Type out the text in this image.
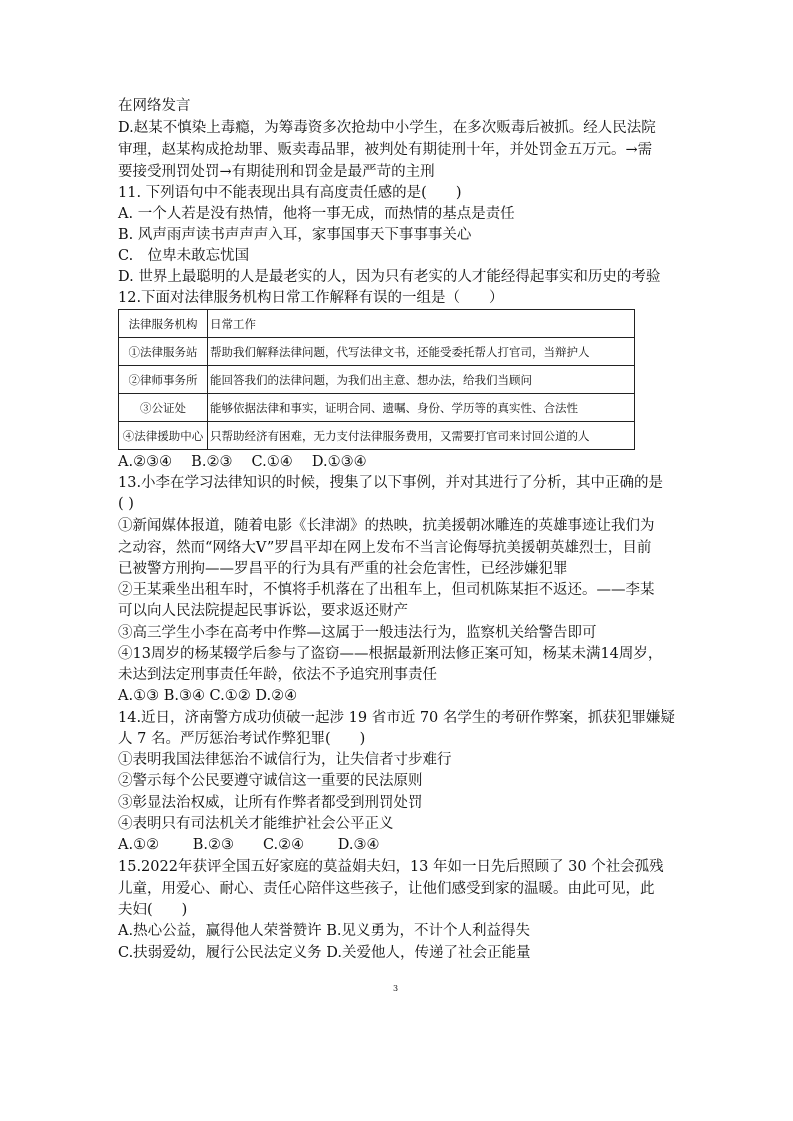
在网络发言
D.赵某不慎染上毒瘾，为筹毒资多次抢劫中小学生，在多次贩毒后被抓。经人民法院
审理，赵某构成抢劫罪、贩卖毒品罪，被判处有期徒刑十年，并处罚金五万元。→需
要接受刑罚处罚→有期徒刑和罚金是最严苛的主刑
11. 下列语句中不能表现出具有高度责任感的是(　　)
A. 一个人若是没有热情，他将一事无成，而热情的基点是责任
B. 风声雨声读书声声声入耳，家事国事天下事事事关心
C.　位卑未敢忘忧国
D. 世界上最聪明的人是最老实的人，因为只有老实的人才能经得起事实和历史的考验
12.下面对法律服务机构日常工作解释有误的一组是（　　）
法律服务机构	日常工作
①法律服务站	帮助我们解释法律问题，代写法律文书，还能受委托帮人打官司，当辩护人
②律师事务所	能回答我们的法律问题，为我们出主意、想办法，给我们当顾问
③公证处	能够依据法律和事实，证明合同、遗嘱、身份、学历等的真实性、合法性
④法律援助中心	只帮助经济有困难，无力支付法律服务费用，又需要打官司来讨回公道的人
A.②③④　 B.②③　 C.①④　 D.①③④
13.小李在学习法律知识的时候，搜集了以下事例，并对其进行了分析，其中正确的是
( )
①新闻媒体报道，随着电影《长津湖》的热映，抗美援朝冰雕连的英雄事迹让我们为
之动容，然而“网络大V”罗昌平却在网上发布不当言论侮辱抗美援朝英雄烈士，目前
已被警方刑拘——罗昌平的行为具有严重的社会危害性，已经涉嫌犯罪
②王某乘坐出租车时，不慎将手机落在了出租车上，但司机陈某拒不返还。——李某
可以向人民法院提起民事诉讼，要求返还财产
③高三学生小李在高考中作弊—这属于一般违法行为，监察机关给警告即可
④13周岁的杨某辍学后参与了盗窃——根据最新刑法修正案可知，杨某未满14周岁，
未达到法定刑事责任年龄，依法不予追究刑事责任
A.①③ B.③④ C.①② D.②④
14.近日，济南警方成功侦破一起涉 19 省市近 70 名学生的考研作弊案，抓获犯罪嫌疑
人 7 名。严厉惩治考试作弊犯罪(　　)
①表明我国法律惩治不诚信行为，让失信者寸步难行
②警示每个公民要遵守诚信这一重要的民法原则
③彰显法治权威，让所有作弊者都受到刑罚处罚
④表明只有司法机关才能维护社会公平正义
A.①②　　 B.②③　　C.②④　　 D.③④
15.2022年获评全国五好家庭的莫益娟夫妇，13 年如一日先后照顾了 30 个社会孤残
儿童，用爱心、耐心、责任心陪伴这些孩子，让他们感受到家的温暖。由此可见，此
夫妇(　　)
A.热心公益，赢得他人荣誉赞许 B.见义勇为，不计个人利益得失
C.扶弱爱幼，履行公民法定义务 D.关爱他人，传递了社会正能量
3
